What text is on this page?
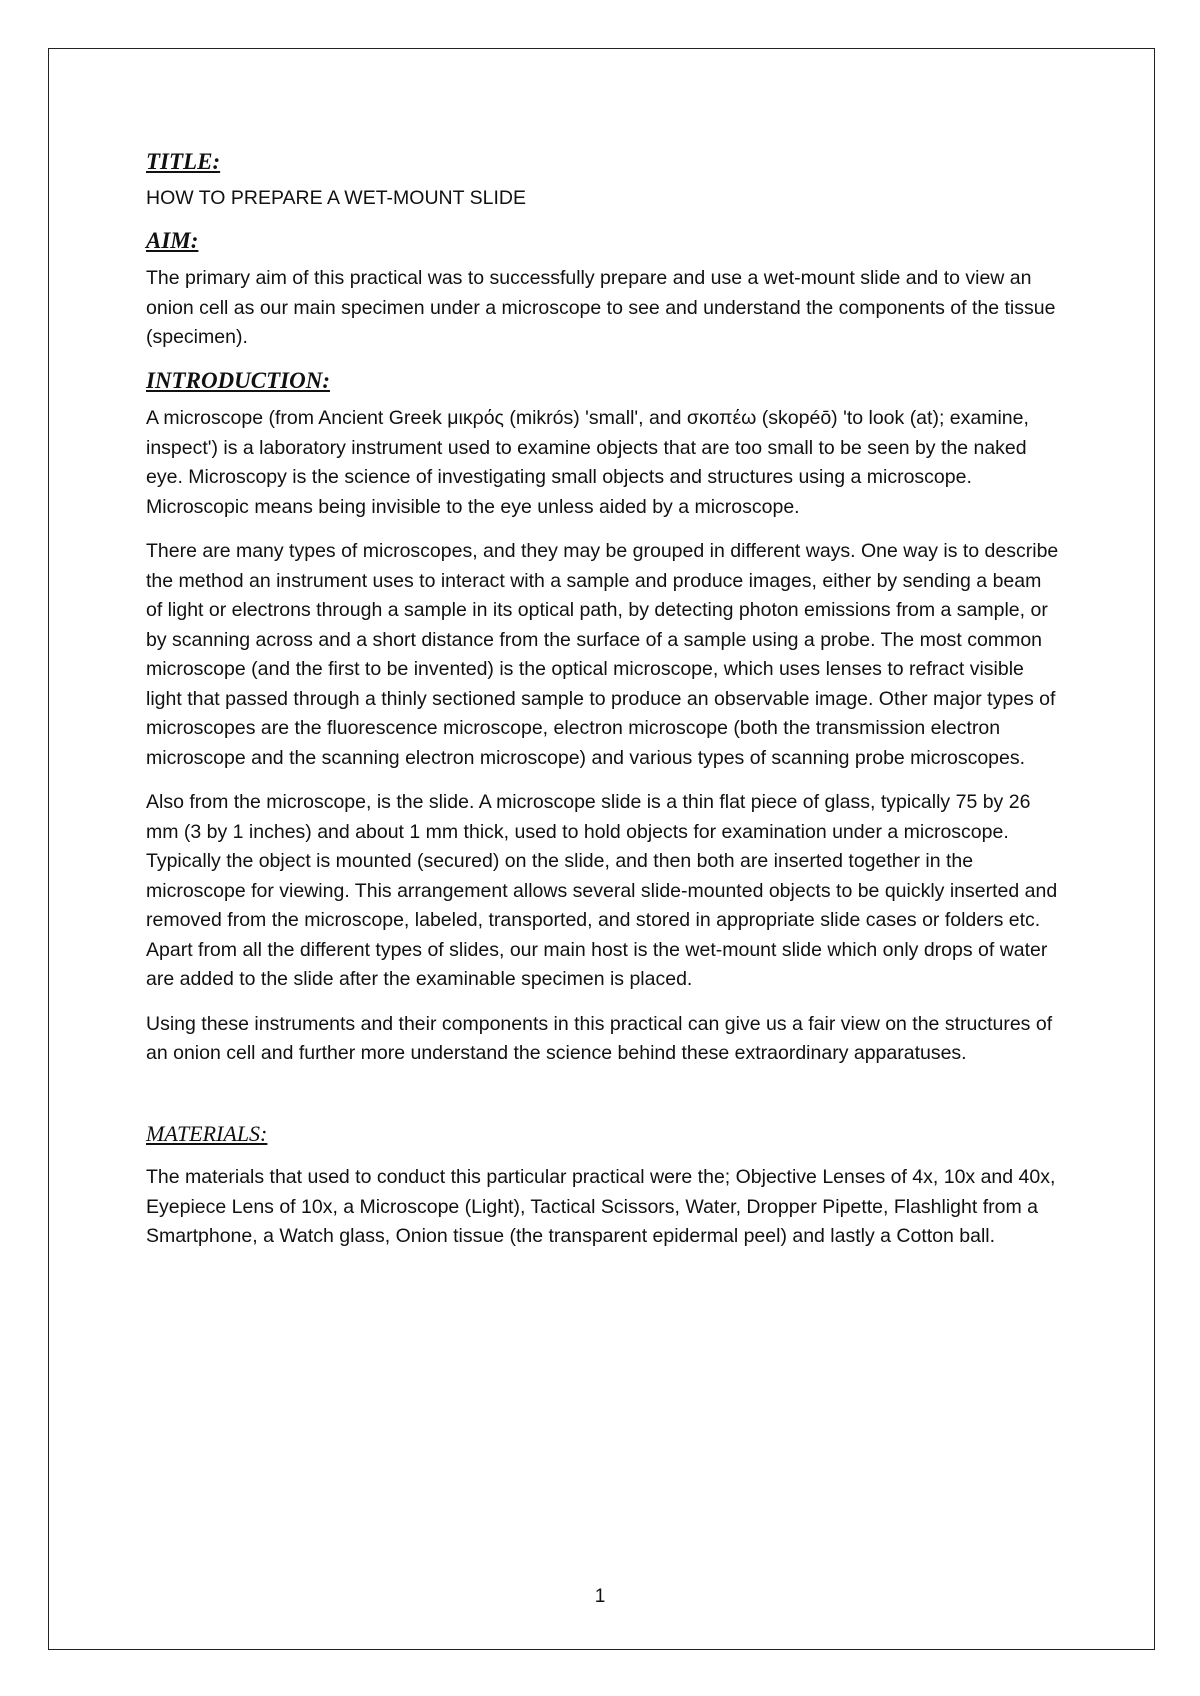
TITLE:

HOW TO PREPARE A WET-MOUNT SLIDE

AIM:

The primary aim of this practical was to successfully prepare and use a wet-mount slide and to view an onion cell as our main specimen under a microscope to see and understand the components of the tissue (specimen).

INTRODUCTION:

A microscope (from Ancient Greek μικρός (mikrós) 'small', and σκοπέω (skopéō) 'to look (at); examine, inspect') is a laboratory instrument used to examine objects that are too small to be seen by the naked eye. Microscopy is the science of investigating small objects and structures using a microscope. Microscopic means being invisible to the eye unless aided by a microscope.

There are many types of microscopes, and they may be grouped in different ways. One way is to describe the method an instrument uses to interact with a sample and produce images, either by sending a beam of light or electrons through a sample in its optical path, by detecting photon emissions from a sample, or by scanning across and a short distance from the surface of a sample using a probe. The most common microscope (and the first to be invented) is the optical microscope, which uses lenses to refract visible light that passed through a thinly sectioned sample to produce an observable image. Other major types of microscopes are the fluorescence microscope, electron microscope (both the transmission electron microscope and the scanning electron microscope) and various types of scanning probe microscopes.

Also from the microscope, is the slide. A microscope slide is a thin flat piece of glass, typically 75 by 26 mm (3 by 1 inches) and about 1 mm thick, used to hold objects for examination under a microscope. Typically the object is mounted (secured) on the slide, and then both are inserted together in the microscope for viewing. This arrangement allows several slide-mounted objects to be quickly inserted and removed from the microscope, labeled, transported, and stored in appropriate slide cases or folders etc. Apart from all the different types of slides, our main host is the wet-mount slide which only drops of water are added to the slide after the examinable specimen is placed.

Using these instruments and their components in this practical can give us a fair view on the structures of an onion cell and further more understand the science behind these extraordinary apparatuses.

MATERIALS:

The materials that used to conduct this particular practical were the; Objective Lenses of 4x, 10x and 40x, Eyepiece Lens of 10x, a Microscope (Light), Tactical Scissors, Water, Dropper Pipette, Flashlight from a Smartphone, a Watch glass, Onion tissue (the transparent epidermal peel) and lastly a Cotton ball.

1
